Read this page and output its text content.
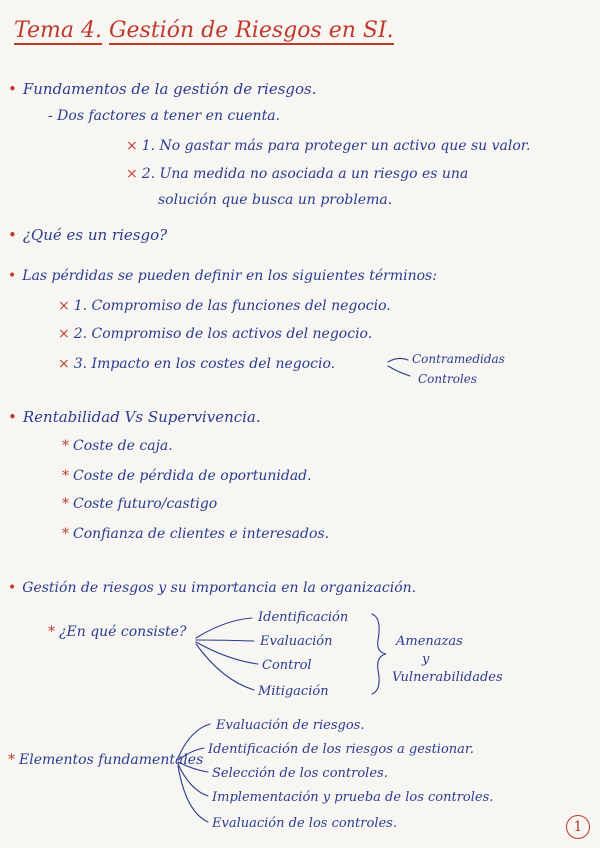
Tema 4. Gestión de Riesgos en SI.
• Fundamentos de la gestión de riesgos.
- Dos factores a tener en cuenta.
× 1. No gastar más para proteger un activo que su valor.
× 2. Una medida no asociada a un riesgo es una
solución que busca un problema.
• ¿Qué es un riesgo?
• Las pérdidas se pueden definir en los siguientes términos:
× 1. Compromiso de las funciones del negocio.
× 2. Compromiso de los activos del negocio.
× 3. Impacto en los costes del negocio.	Contramedidas
Controles
• Rentabilidad Vs Supervivencia.
* Coste de caja.
* Coste de pérdida de oportunidad.
* Coste futuro/castigo
* Confianza de clientes e interesados.
• Gestión de riesgos y su importancia en la organización.
* ¿En qué consiste?
Identificación
Evaluación
Control
Mitigación
Amenazas
y
Vulnerabilidades
* Elementos fundamentales
Evaluación de riesgos.
Identificación de los riesgos a gestionar.
Selección de los controles.
Implementación y prueba de los controles.
Evaluación de los controles.	1
